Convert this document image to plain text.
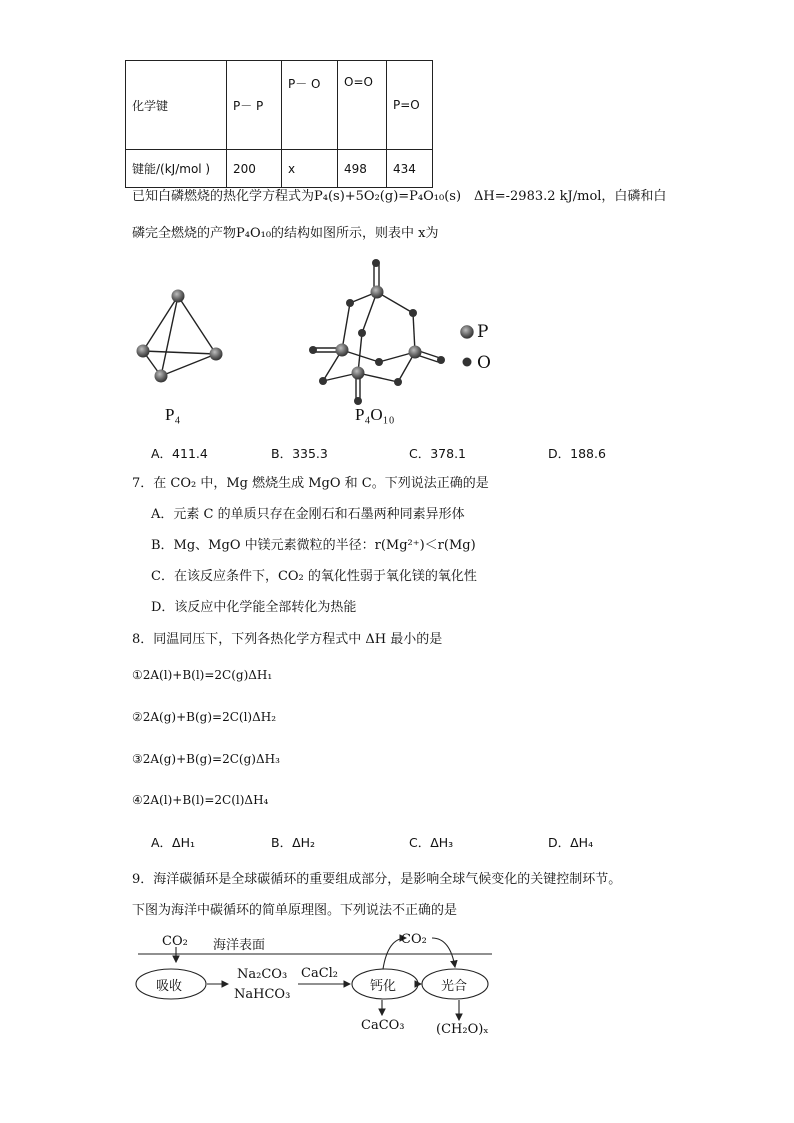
化学键	P－ P	P－ O	O=O	P=O
键能/(kJ/mol )	200	x	498	434
已知白磷燃烧的热化学方程式为P₄(s)+5O₂(g)=P₄O₁₀(s)　ΔH=-2983.2 kJ/mol，白磷和白
磷完全燃烧的产物P₄O₁₀的结构如图所示，则表中 x为
P₄	P₄O₁₀
P
O
A．411.4	B．335.3	C．378.1	D．188.6
7．在 CO₂ 中，Mg 燃烧生成 MgO 和 C。下列说法正确的是
A．元素 C 的单质只存在金刚石和石墨两种同素异形体
B．Mg、MgO 中镁元素微粒的半径：r(Mg²⁺)＜r(Mg)
C．在该反应条件下，CO₂ 的氧化性弱于氧化镁的氧化性
D．该反应中化学能全部转化为热能
8．同温同压下，下列各热化学方程式中 ΔH 最小的是
①2A(l)+B(l)=2C(g)ΔH₁
②2A(g)+B(g)=2C(l)ΔH₂
③2A(g)+B(g)=2C(g)ΔH₃
④2A(l)+B(l)=2C(l)ΔH₄
A．ΔH₁	B．ΔH₂	C．ΔH₃	D．ΔH₄
9．海洋碳循环是全球碳循环的重要组成部分，是影响全球气候变化的关键控制环节。
下图为海洋中碳循环的简单原理图。下列说法不正确的是
CO₂ 海洋表面
吸收
Na₂CO₃
NaHCO₃
CaCl₂
钙化
CO₂
光合
CaCO₃ (CH₂O)ₓ
